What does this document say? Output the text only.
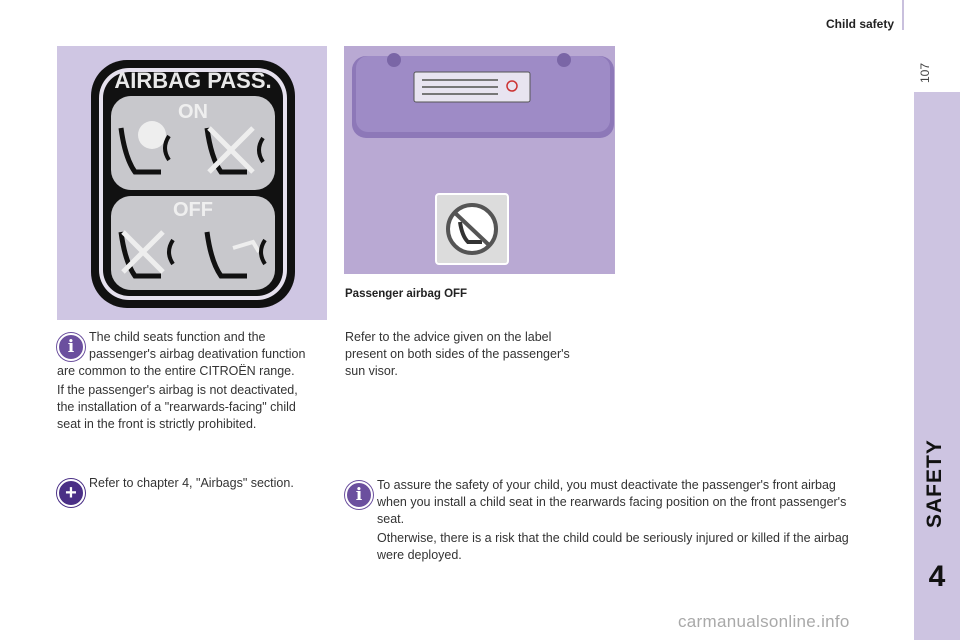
Child safety
107
SAFETY
4
AIRBAG PASS.
ON
OFF
Passenger airbag OFF
i	The child seats function and the
passenger's airbag deativation function
are common to the entire CITROËN range.
If the passenger's airbag is not deactivated,
the installation of a "rearwards-facing" child
seat in the front is strictly prohibited.
+ Refer to chapter 4, "Airbags" section.
Refer to the advice given on the label
present on both sides of the passenger's
sun visor.
i	To assure the safety of your child, you must deactivate the passenger's front airbag
when you install a child seat in the rearwards facing position on the front passenger's
seat.
Otherwise, there is a risk that the child could be seriously injured or killed if the airbag
were deployed.
carmanualsonline.info
